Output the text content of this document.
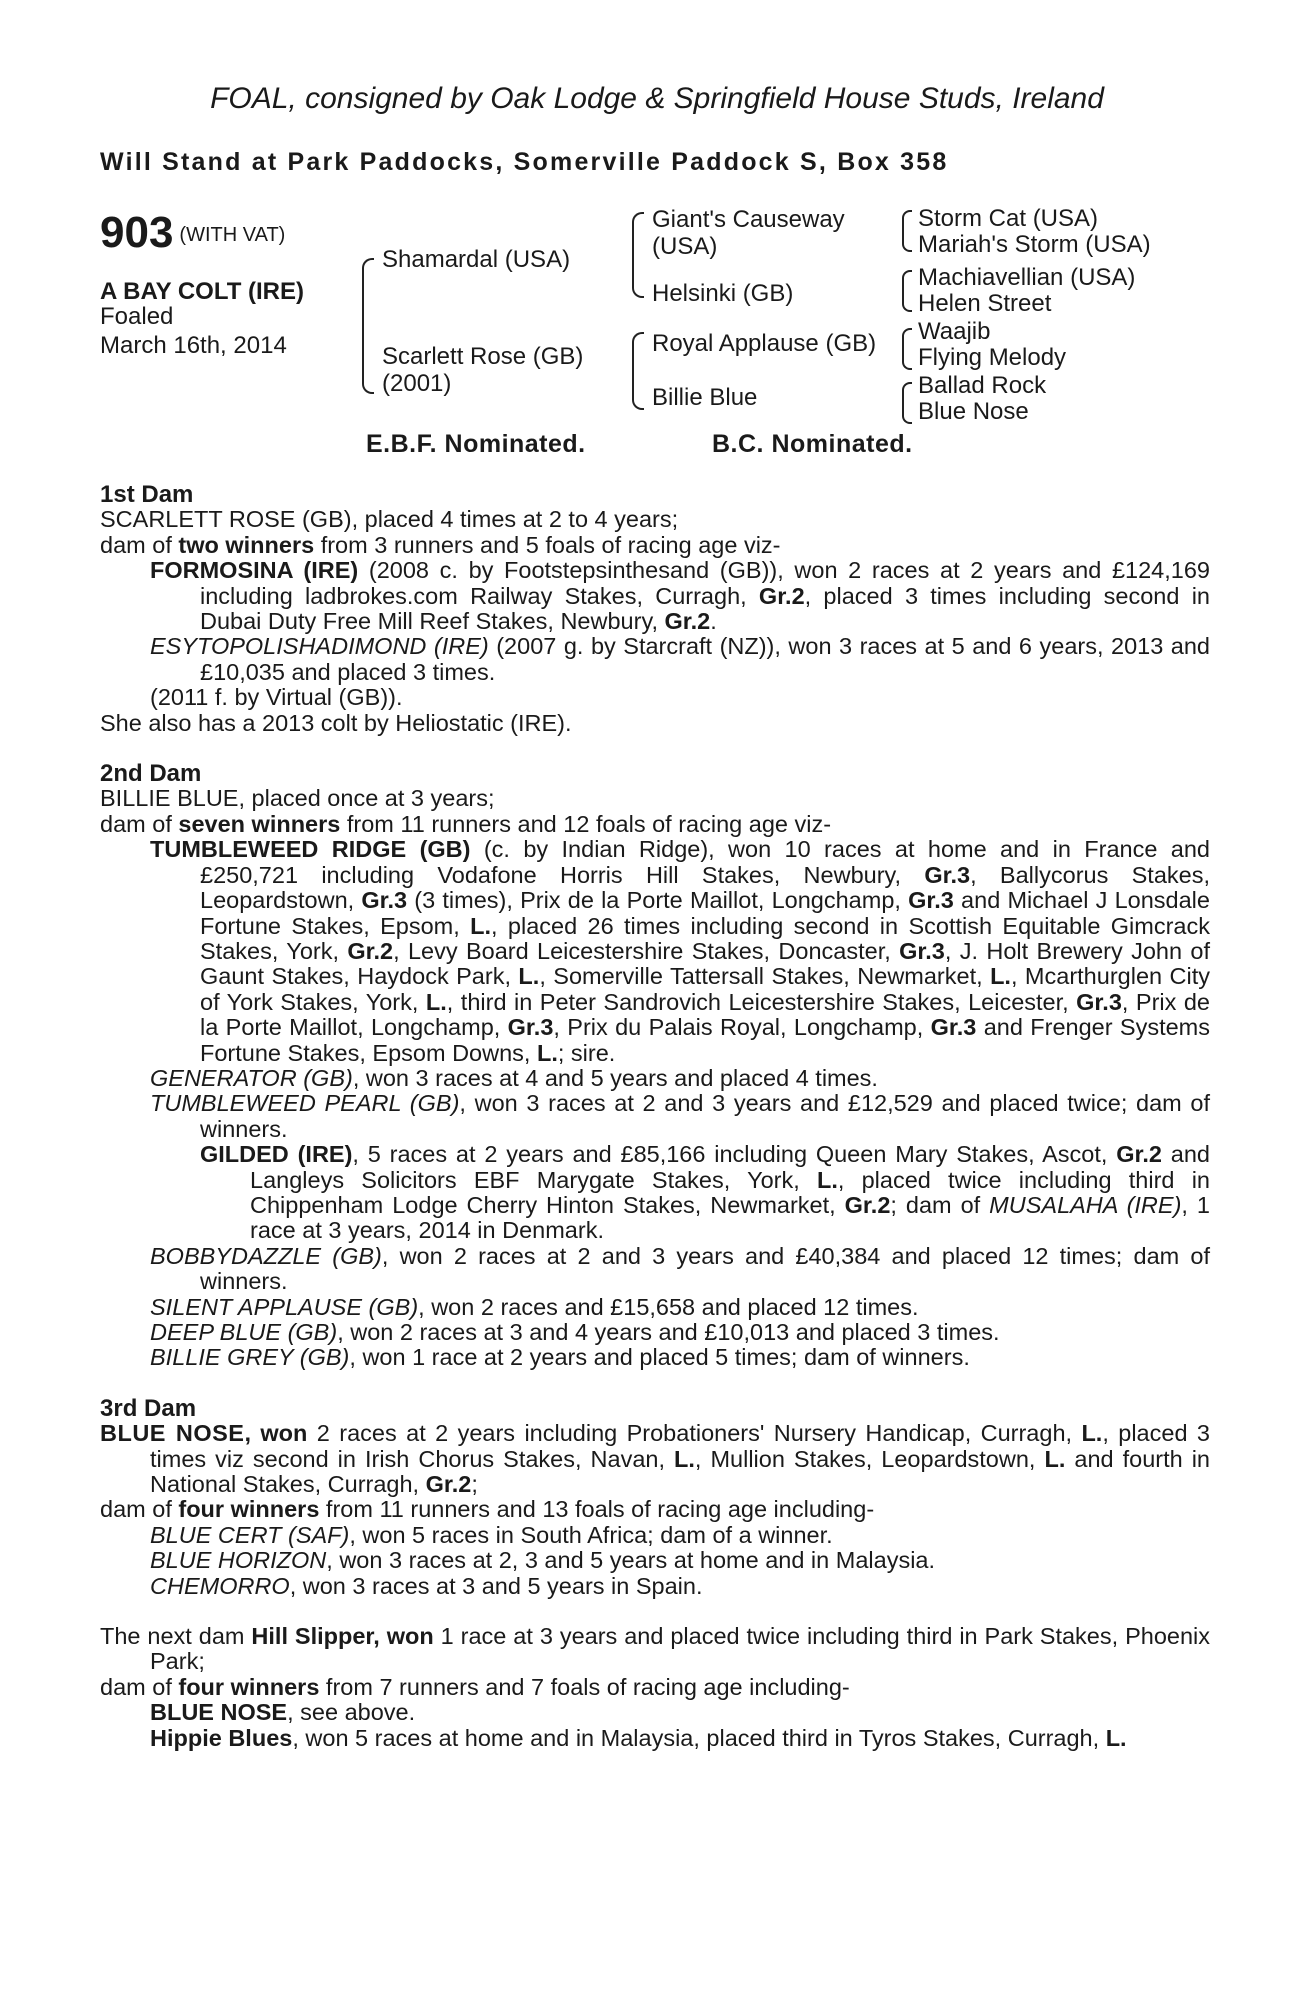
FOAL, consigned by Oak Lodge & Springfield House Studs, Ireland
Will Stand at Park Paddocks, Somerville Paddock S, Box 358
903 (WITH VAT)
A BAY COLT (IRE)
Foaled
March 16th, 2014
Shamardal (USA)
Scarlett Rose (GB)
(2001)
Giant's Causeway
(USA)
Helsinki (GB)
Royal Applause (GB)
Billie Blue
Storm Cat (USA)
Mariah's Storm (USA)
Machiavellian (USA)
Helen Street
Waajib
Flying Melody
Ballad Rock
Blue Nose
E.B.F. Nominated.	B.C. Nominated.
1st Dam

SCARLETT ROSE (GB), placed 4 times at 2 to 4 years;

dam of two winners from 3 runners and 5 foals of racing age viz-

FORMOSINA (IRE) (2008 c. by Footstepsinthesand (GB)), won 2 races at 2 years and £124,169 including ladbrokes.com Railway Stakes, Curragh, Gr.2, placed 3 times including second in Dubai Duty Free Mill Reef Stakes, Newbury, Gr.2.

ESYTOPOLISHADIMOND (IRE) (2007 g. by Starcraft (NZ)), won 3 races at 5 and 6 years, 2013 and £10,035 and placed 3 times.

(2011 f. by Virtual (GB)).

She also has a 2013 colt by Heliostatic (IRE).

2nd Dam

BILLIE BLUE, placed once at 3 years;

dam of seven winners from 11 runners and 12 foals of racing age viz-

TUMBLEWEED RIDGE (GB) (c. by Indian Ridge), won 10 races at home and in France and £250,721 including Vodafone Horris Hill Stakes, Newbury, Gr.3, Ballycorus Stakes, Leopardstown, Gr.3 (3 times), Prix de la Porte Maillot, Longchamp, Gr.3 and Michael J Lonsdale Fortune Stakes, Epsom, L., placed 26 times including second in Scottish Equitable Gimcrack Stakes, York, Gr.2, Levy Board Leicestershire Stakes, Doncaster, Gr.3, J. Holt Brewery John of Gaunt Stakes, Haydock Park, L., Somerville Tattersall Stakes, Newmarket, L., Mcarthurglen City of York Stakes, York, L., third in Peter Sandrovich Leicestershire Stakes, Leicester, Gr.3, Prix de la Porte Maillot, Longchamp, Gr.3, Prix du Palais Royal, Longchamp, Gr.3 and Frenger Systems Fortune Stakes, Epsom Downs, L.; sire.

GENERATOR (GB), won 3 races at 4 and 5 years and placed 4 times.

TUMBLEWEED PEARL (GB), won 3 races at 2 and 3 years and £12,529 and placed twice; dam of winners.

GILDED (IRE), 5 races at 2 years and £85,166 including Queen Mary Stakes, Ascot, Gr.2 and Langleys Solicitors EBF Marygate Stakes, York, L., placed twice including third in Chippenham Lodge Cherry Hinton Stakes, Newmarket, Gr.2; dam of MUSALAHA (IRE), 1 race at 3 years, 2014 in Denmark.

BOBBYDAZZLE (GB), won 2 races at 2 and 3 years and £40,384 and placed 12 times; dam of winners.

SILENT APPLAUSE (GB), won 2 races and £15,658 and placed 12 times.

DEEP BLUE (GB), won 2 races at 3 and 4 years and £10,013 and placed 3 times.

BILLIE GREY (GB), won 1 race at 2 years and placed 5 times; dam of winners.

3rd Dam

BLUE NOSE, won 2 races at 2 years including Probationers' Nursery Handicap, Curragh, L., placed 3 times viz second in Irish Chorus Stakes, Navan, L., Mullion Stakes, Leopardstown, L. and fourth in National Stakes, Curragh, Gr.2;

dam of four winners from 11 runners and 13 foals of racing age including-

BLUE CERT (SAF), won 5 races in South Africa; dam of a winner.

BLUE HORIZON, won 3 races at 2, 3 and 5 years at home and in Malaysia.

CHEMORRO, won 3 races at 3 and 5 years in Spain.

The next dam Hill Slipper, won 1 race at 3 years and placed twice including third in Park Stakes, Phoenix Park;

dam of four winners from 7 runners and 7 foals of racing age including-

BLUE NOSE, see above.

Hippie Blues, won 5 races at home and in Malaysia, placed third in Tyros Stakes, Curragh, L.
